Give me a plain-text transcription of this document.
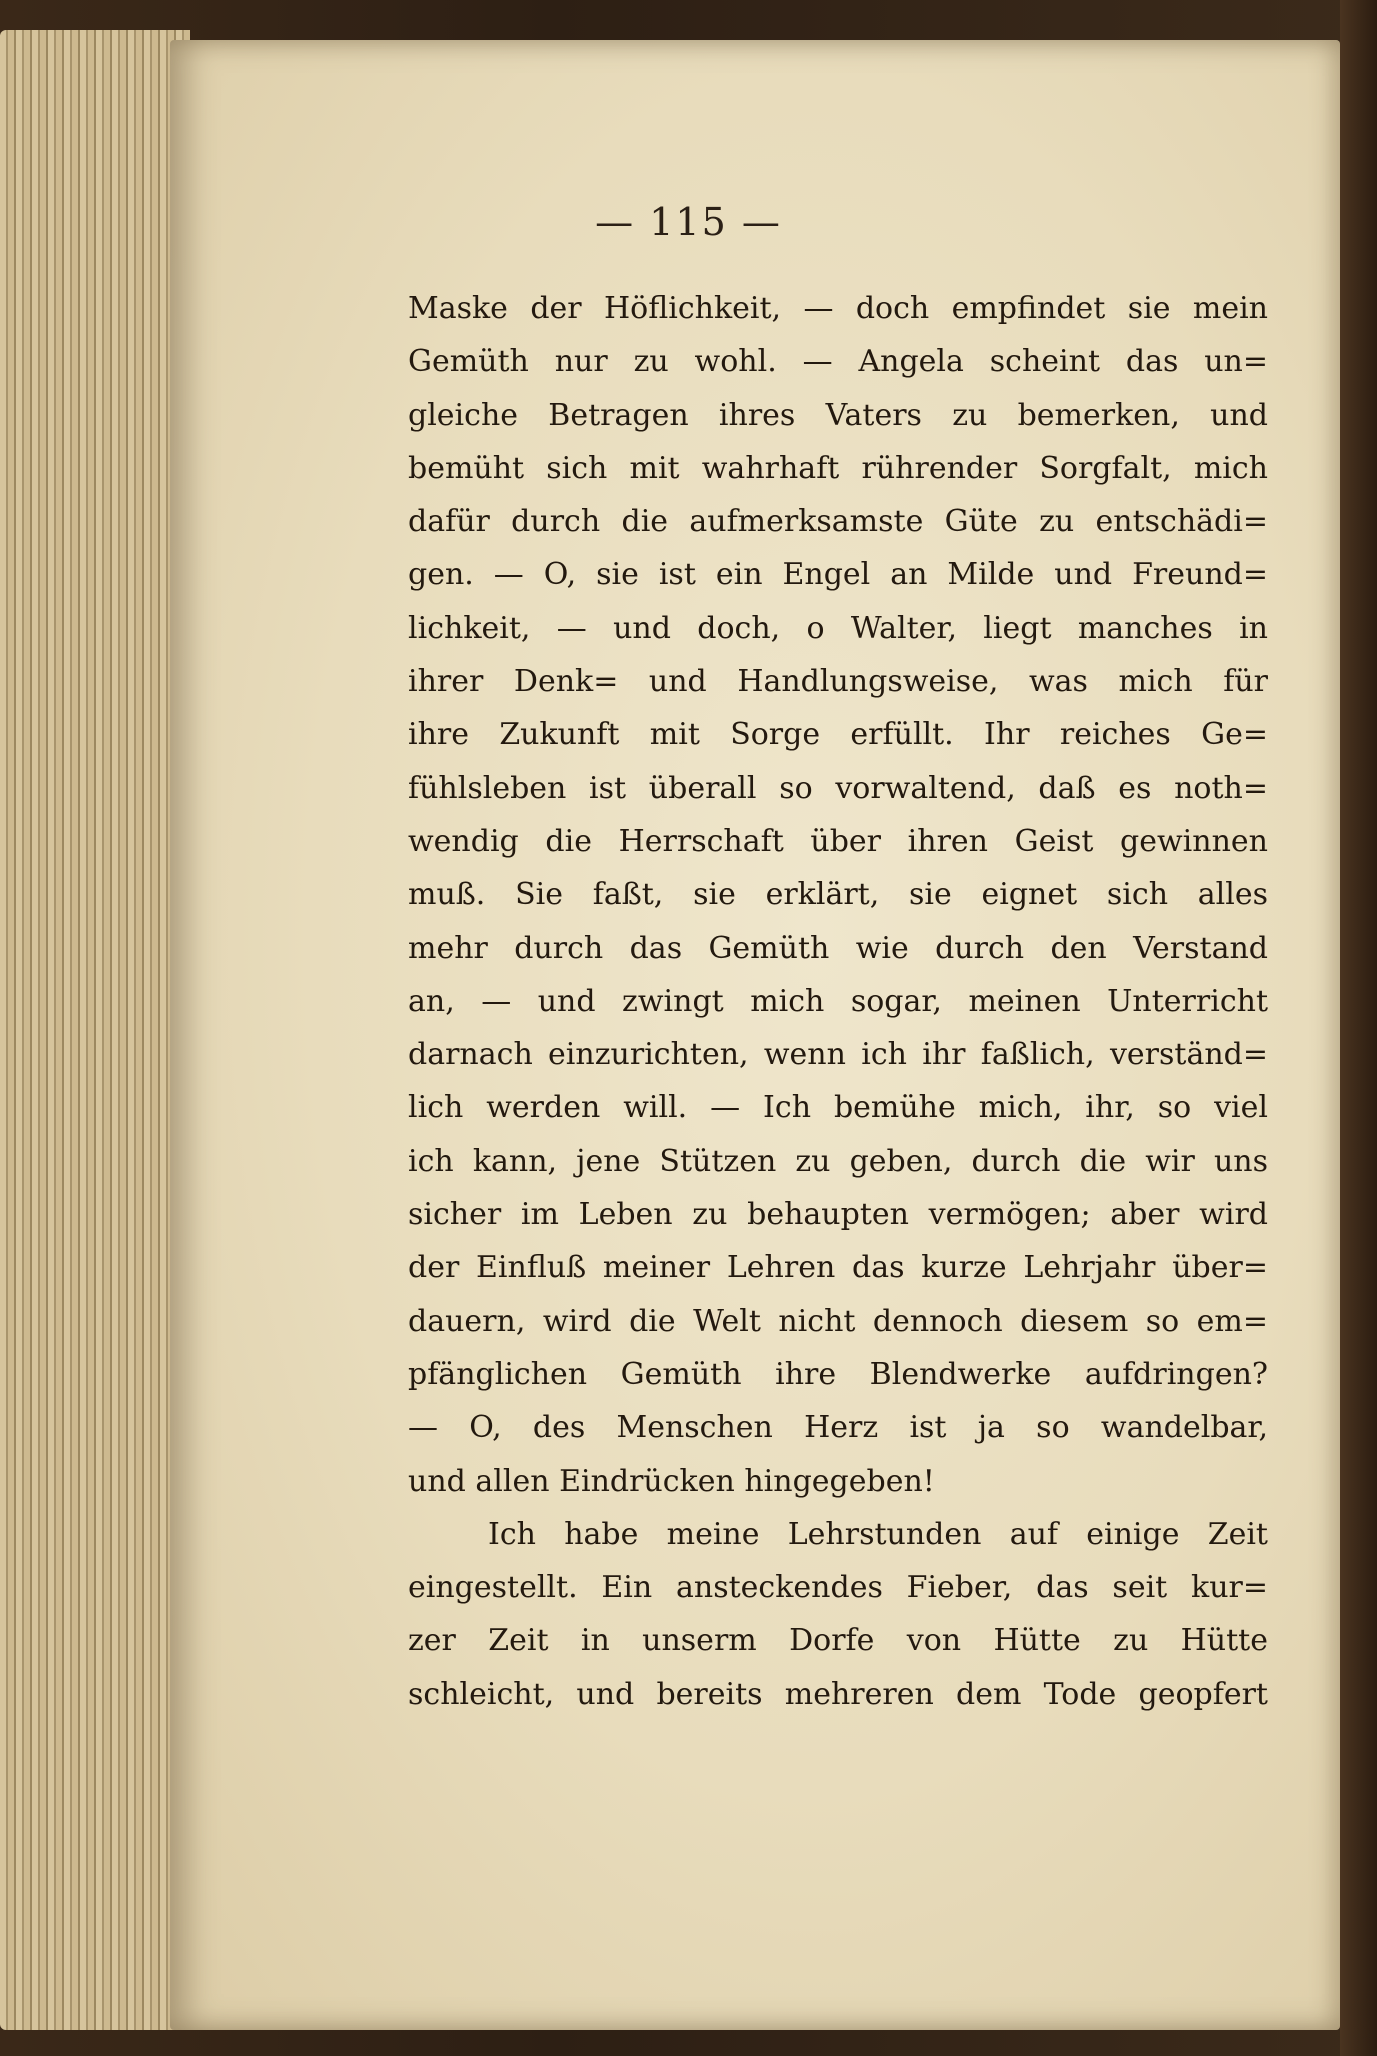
— 115 —
Maske der Höflichkeit, — doch empfindet sie mein
Gemüth nur zu wohl. — Angela scheint das un=
gleiche Betragen ihres Vaters zu bemerken, und
bemüht sich mit wahrhaft rührender Sorgfalt, mich
dafür durch die aufmerksamste Güte zu entschädi=
gen. — O, sie ist ein Engel an Milde und Freund=
lichkeit, — und doch, o Walter, liegt manches in
ihrer Denk= und Handlungsweise, was mich für
ihre Zukunft mit Sorge erfüllt. Ihr reiches Ge=
fühlsleben ist überall so vorwaltend, daß es noth=
wendig die Herrschaft über ihren Geist gewinnen
muß. Sie faßt, sie erklärt, sie eignet sich alles
mehr durch das Gemüth wie durch den Verstand
an, — und zwingt mich sogar, meinen Unterricht
darnach einzurichten, wenn ich ihr faßlich, verständ=
lich werden will. — Ich bemühe mich, ihr, so viel
ich kann, jene Stützen zu geben, durch die wir uns
sicher im Leben zu behaupten vermögen; aber wird
der Einfluß meiner Lehren das kurze Lehrjahr über=
dauern, wird die Welt nicht dennoch diesem so em=
pfänglichen Gemüth ihre Blendwerke aufdringen?
— O, des Menschen Herz ist ja so wandelbar,
und allen Eindrücken hingegeben!
Ich habe meine Lehrstunden auf einige Zeit
eingestellt. Ein ansteckendes Fieber, das seit kur=
zer Zeit in unserm Dorfe von Hütte zu Hütte
schleicht, und bereits mehreren dem Tode geopfert
